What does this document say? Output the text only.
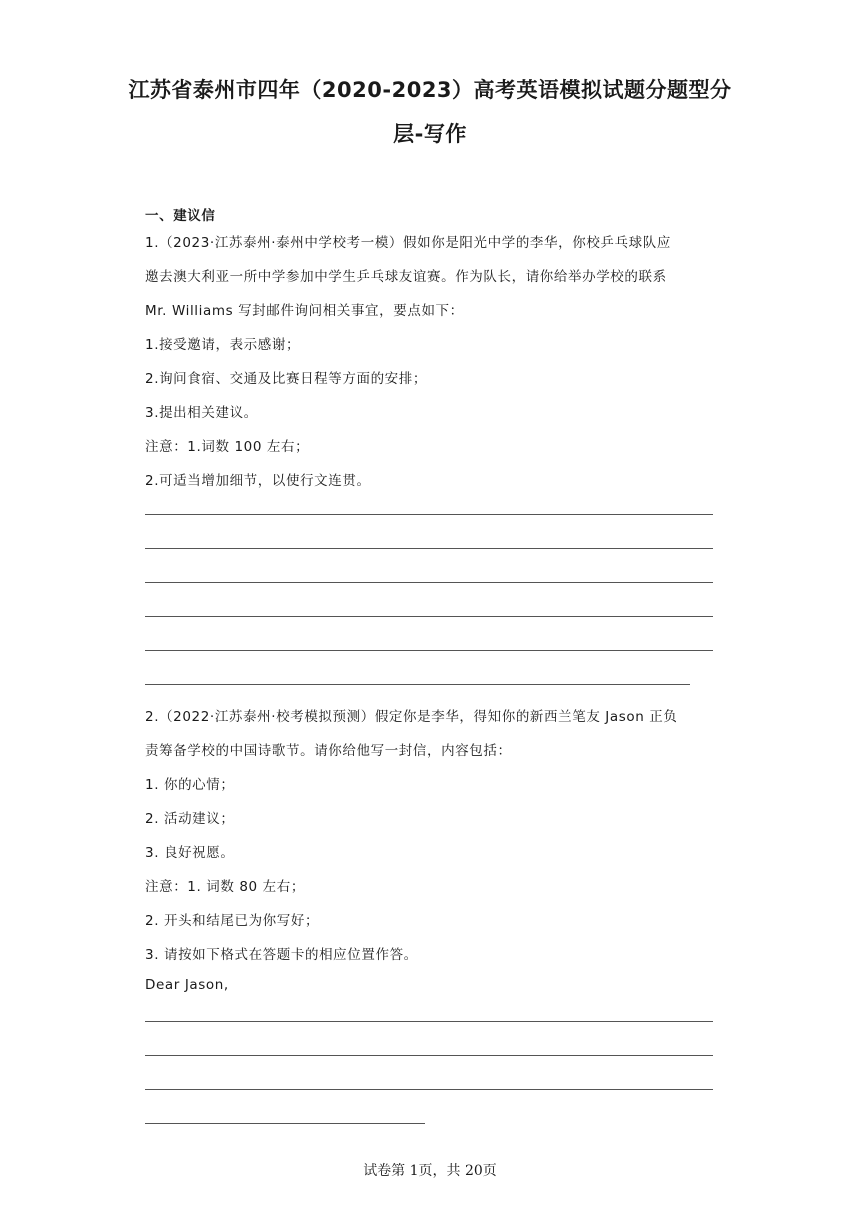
江苏省泰州市四年（2020-2023）高考英语模拟试题分题型分
层-写作
一、建议信
1.（2023·江苏泰州·泰州中学校考一模）假如你是阳光中学的李华，你校乒乓球队应
邀去澳大利亚一所中学参加中学生乒乓球友谊赛。作为队长，请你给举办学校的联系
Mr. Williams 写封邮件询问相关事宜，要点如下：
1.接受邀请，表示感谢；
2.询问食宿、交通及比赛日程等方面的安排；
3.提出相关建议。
注意：1.词数 100 左右；
2.可适当增加细节，以使行文连贯。
2.（2022·江苏泰州·校考模拟预测）假定你是李华，得知你的新西兰笔友 Jason 正负
责筹备学校的中国诗歌节。请你给他写一封信，内容包括：
1. 你的心情；
2. 活动建议；
3. 良好祝愿。
注意：1. 词数 80 左右；
2. 开头和结尾已为你写好；
3. 请按如下格式在答题卡的相应位置作答。
Dear Jason,
试卷第 1页，共 20页
